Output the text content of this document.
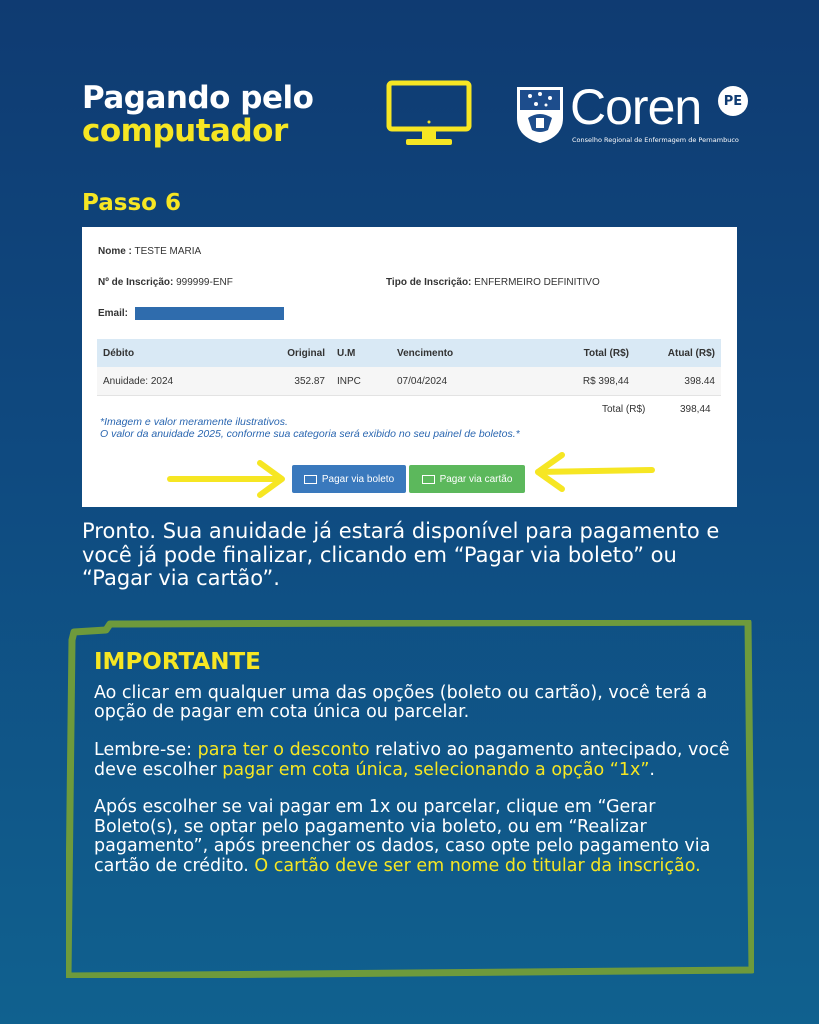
Pagando pelo
computador	Coren	PE
Conselho Regional de Enfermagem de Pernambuco
Passo 6
Nome : TESTE MARIA
Nº de Inscrição: 999999-ENF	Tipo de Inscrição: ENFERMEIRO DEFINITIVO
Email:
Débito	Original	U.M	Vencimento	Total (R$)	Atual (R$)
Anuidade: 2024	352.87	INPC	07/04/2024	R$ 398,44	398.44
Total (R$)	398,44
*Imagem e valor meramente ilustrativos.
O valor da anuidade 2025, conforme sua categoria será exibido no seu painel de boletos.*
Pagar via boleto	Pagar via cartão
Pronto. Sua anuidade já estará disponível para pagamento e você já pode finalizar, clicando em “Pagar via boleto” ou “Pagar via cartão”.
IMPORTANTE

Ao clicar em qualquer uma das opções (boleto ou cartão), você terá a opção de pagar em cota única ou parcelar.

Lembre-se: para ter o desconto relativo ao pagamento antecipado, você deve escolher pagar em cota única, selecionando a opção “1x”.

Após escolher se vai pagar em 1x ou parcelar, clique em “Gerar Boleto(s), se optar pelo pagamento via boleto, ou em “Realizar pagamento”, após preencher os dados, caso opte pelo pagamento via cartão de crédito. O cartão deve ser em nome do titular da inscrição.
